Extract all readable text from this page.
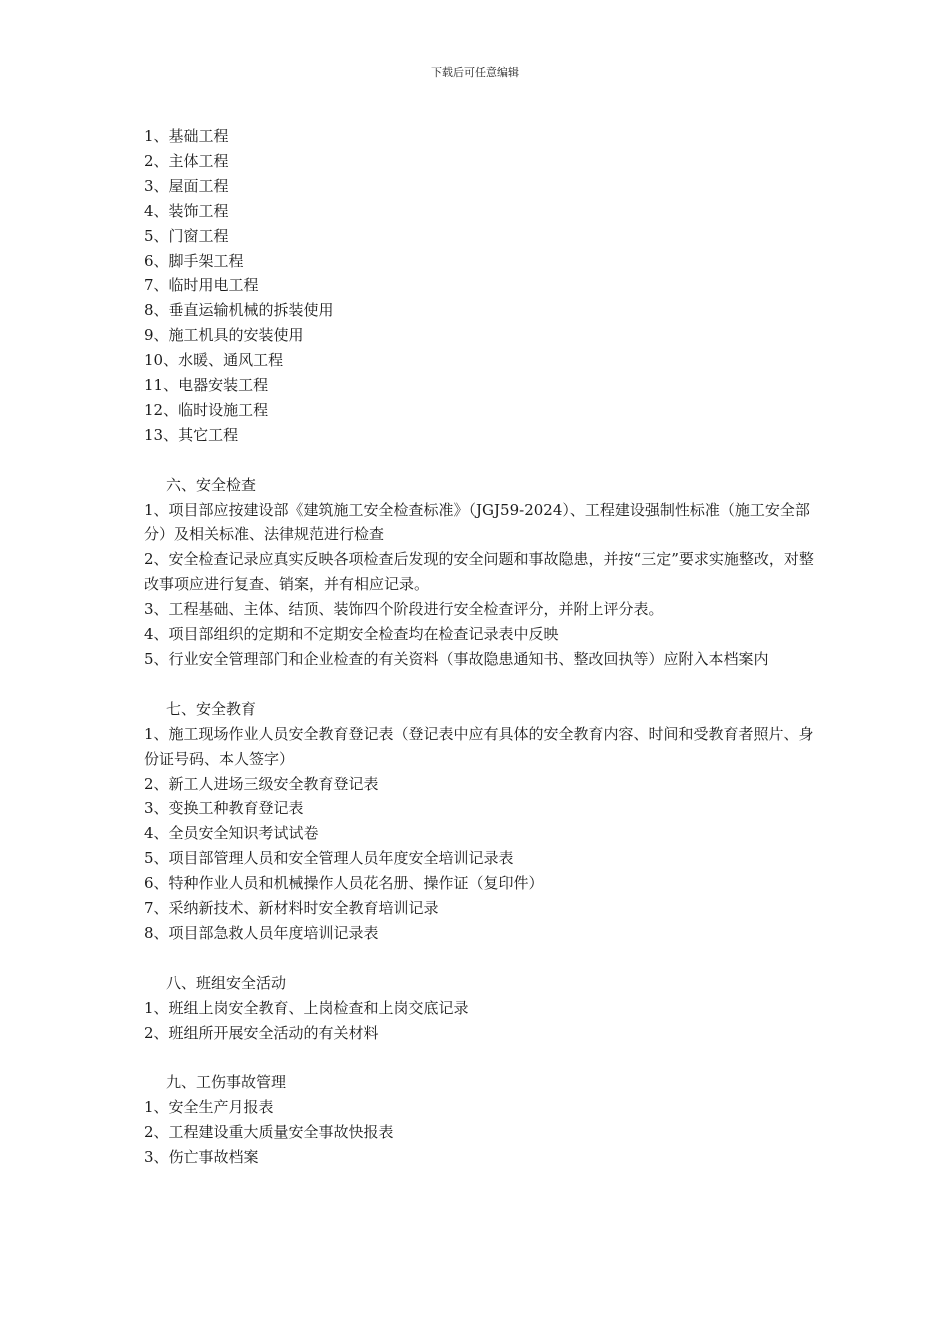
下载后可任意编辑
1、基础工程
2、主体工程
3、屋面工程
4、装饰工程
5、门窗工程
6、脚手架工程
7、临时用电工程
8、垂直运输机械的拆装使用
9、施工机具的安装使用
10、水暖、通风工程
11、电器安装工程
12、临时设施工程
13、其它工程
六、安全检查
1、项目部应按建设部《建筑施工安全检查标准》（JGJ59-2024）、工程建设强制性标准（施工安全部分）及相关标准、法律规范进行检查
2、安全检查记录应真实反映各项检查后发现的安全问题和事故隐患，并按“三定”要求实施整改，对整改事项应进行复查、销案，并有相应记录。
3、工程基础、主体、结顶、装饰四个阶段进行安全检查评分，并附上评分表。
4、项目部组织的定期和不定期安全检查均在检查记录表中反映
5、行业安全管理部门和企业检查的有关资料（事故隐患通知书、整改回执等）应附入本档案内
七、安全教育
1、施工现场作业人员安全教育登记表（登记表中应有具体的安全教育内容、时间和受教育者照片、身份证号码、本人签字）
2、新工人进场三级安全教育登记表
3、变换工种教育登记表
4、全员安全知识考试试卷
5、项目部管理人员和安全管理人员年度安全培训记录表
6、特种作业人员和机械操作人员花名册、操作证（复印件）
7、采纳新技术、新材料时安全教育培训记录
8、项目部急救人员年度培训记录表
八、班组安全活动
1、班组上岗安全教育、上岗检查和上岗交底记录
2、班组所开展安全活动的有关材料
九、工伤事故管理
1、安全生产月报表
2、工程建设重大质量安全事故快报表
3、伤亡事故档案
